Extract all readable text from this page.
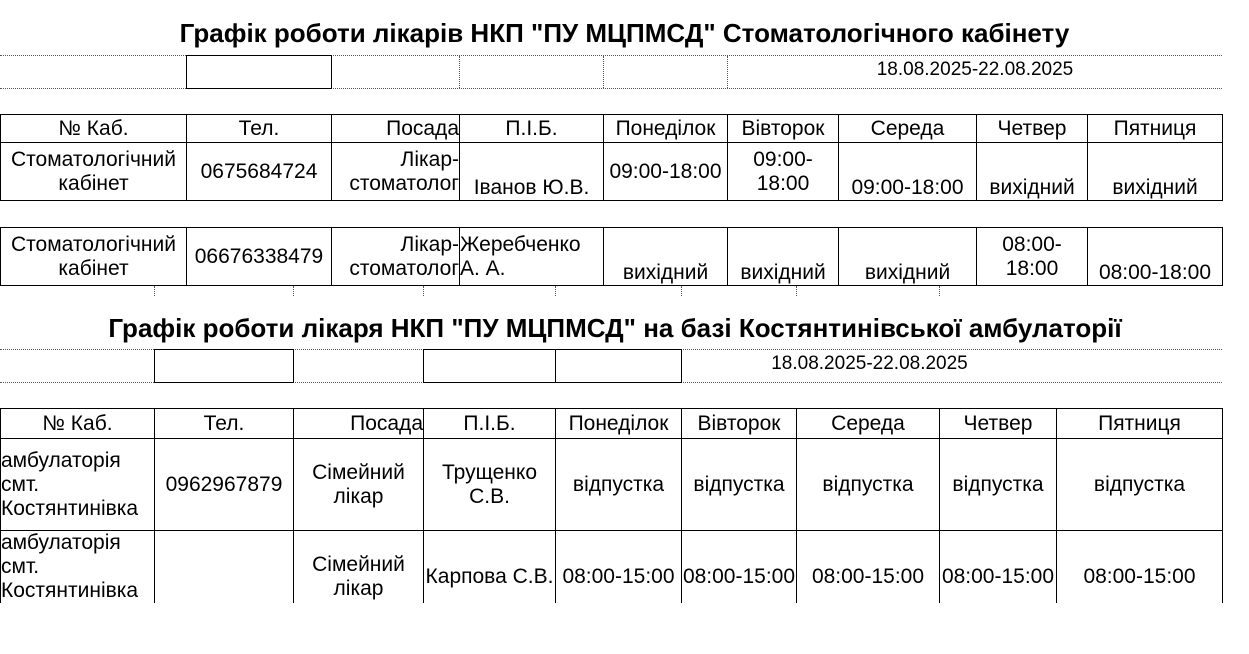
Графік роботи лікарів НКП "ПУ МЦПМСД" Стоматологічного кабінету
18.08.2025-22.08.2025
№ Каб.	Тел.	Посада	П.І.Б.	Понеділок	Вівторок	Середа	Четвер	Пятниця
Стоматологічний кабінет	0675684724	Лікар-стоматолог	Іванов Ю.В.	09:00-18:00	09:00-18:00	09:00-18:00	вихідний	вихідний
Стоматологічний кабінет	06676338479	Лікар-стоматолог	Жеребченко А. А.	вихідний	вихідний	вихідний	08:00-18:00	08:00-18:00
Графік роботи лікаря НКП "ПУ МЦПМСД" на базі Костянтинівської амбулаторії
18.08.2025-22.08.2025
№ Каб.	Тел.	Посада	П.І.Б.	Понеділок	Вівторок	Середа	Четвер	Пятниця
амбулаторія смт. Костянтинівка	0962967879	Сімейний лікар	Трущенко С.В.	відпустка	відпустка	відпустка	відпустка	відпустка
амбулаторія смт. Костянтинівка		Сімейний лікар	Карпова С.В.	08:00-15:00	08:00-15:00	08:00-15:00	08:00-15:00	08:00-15:00
